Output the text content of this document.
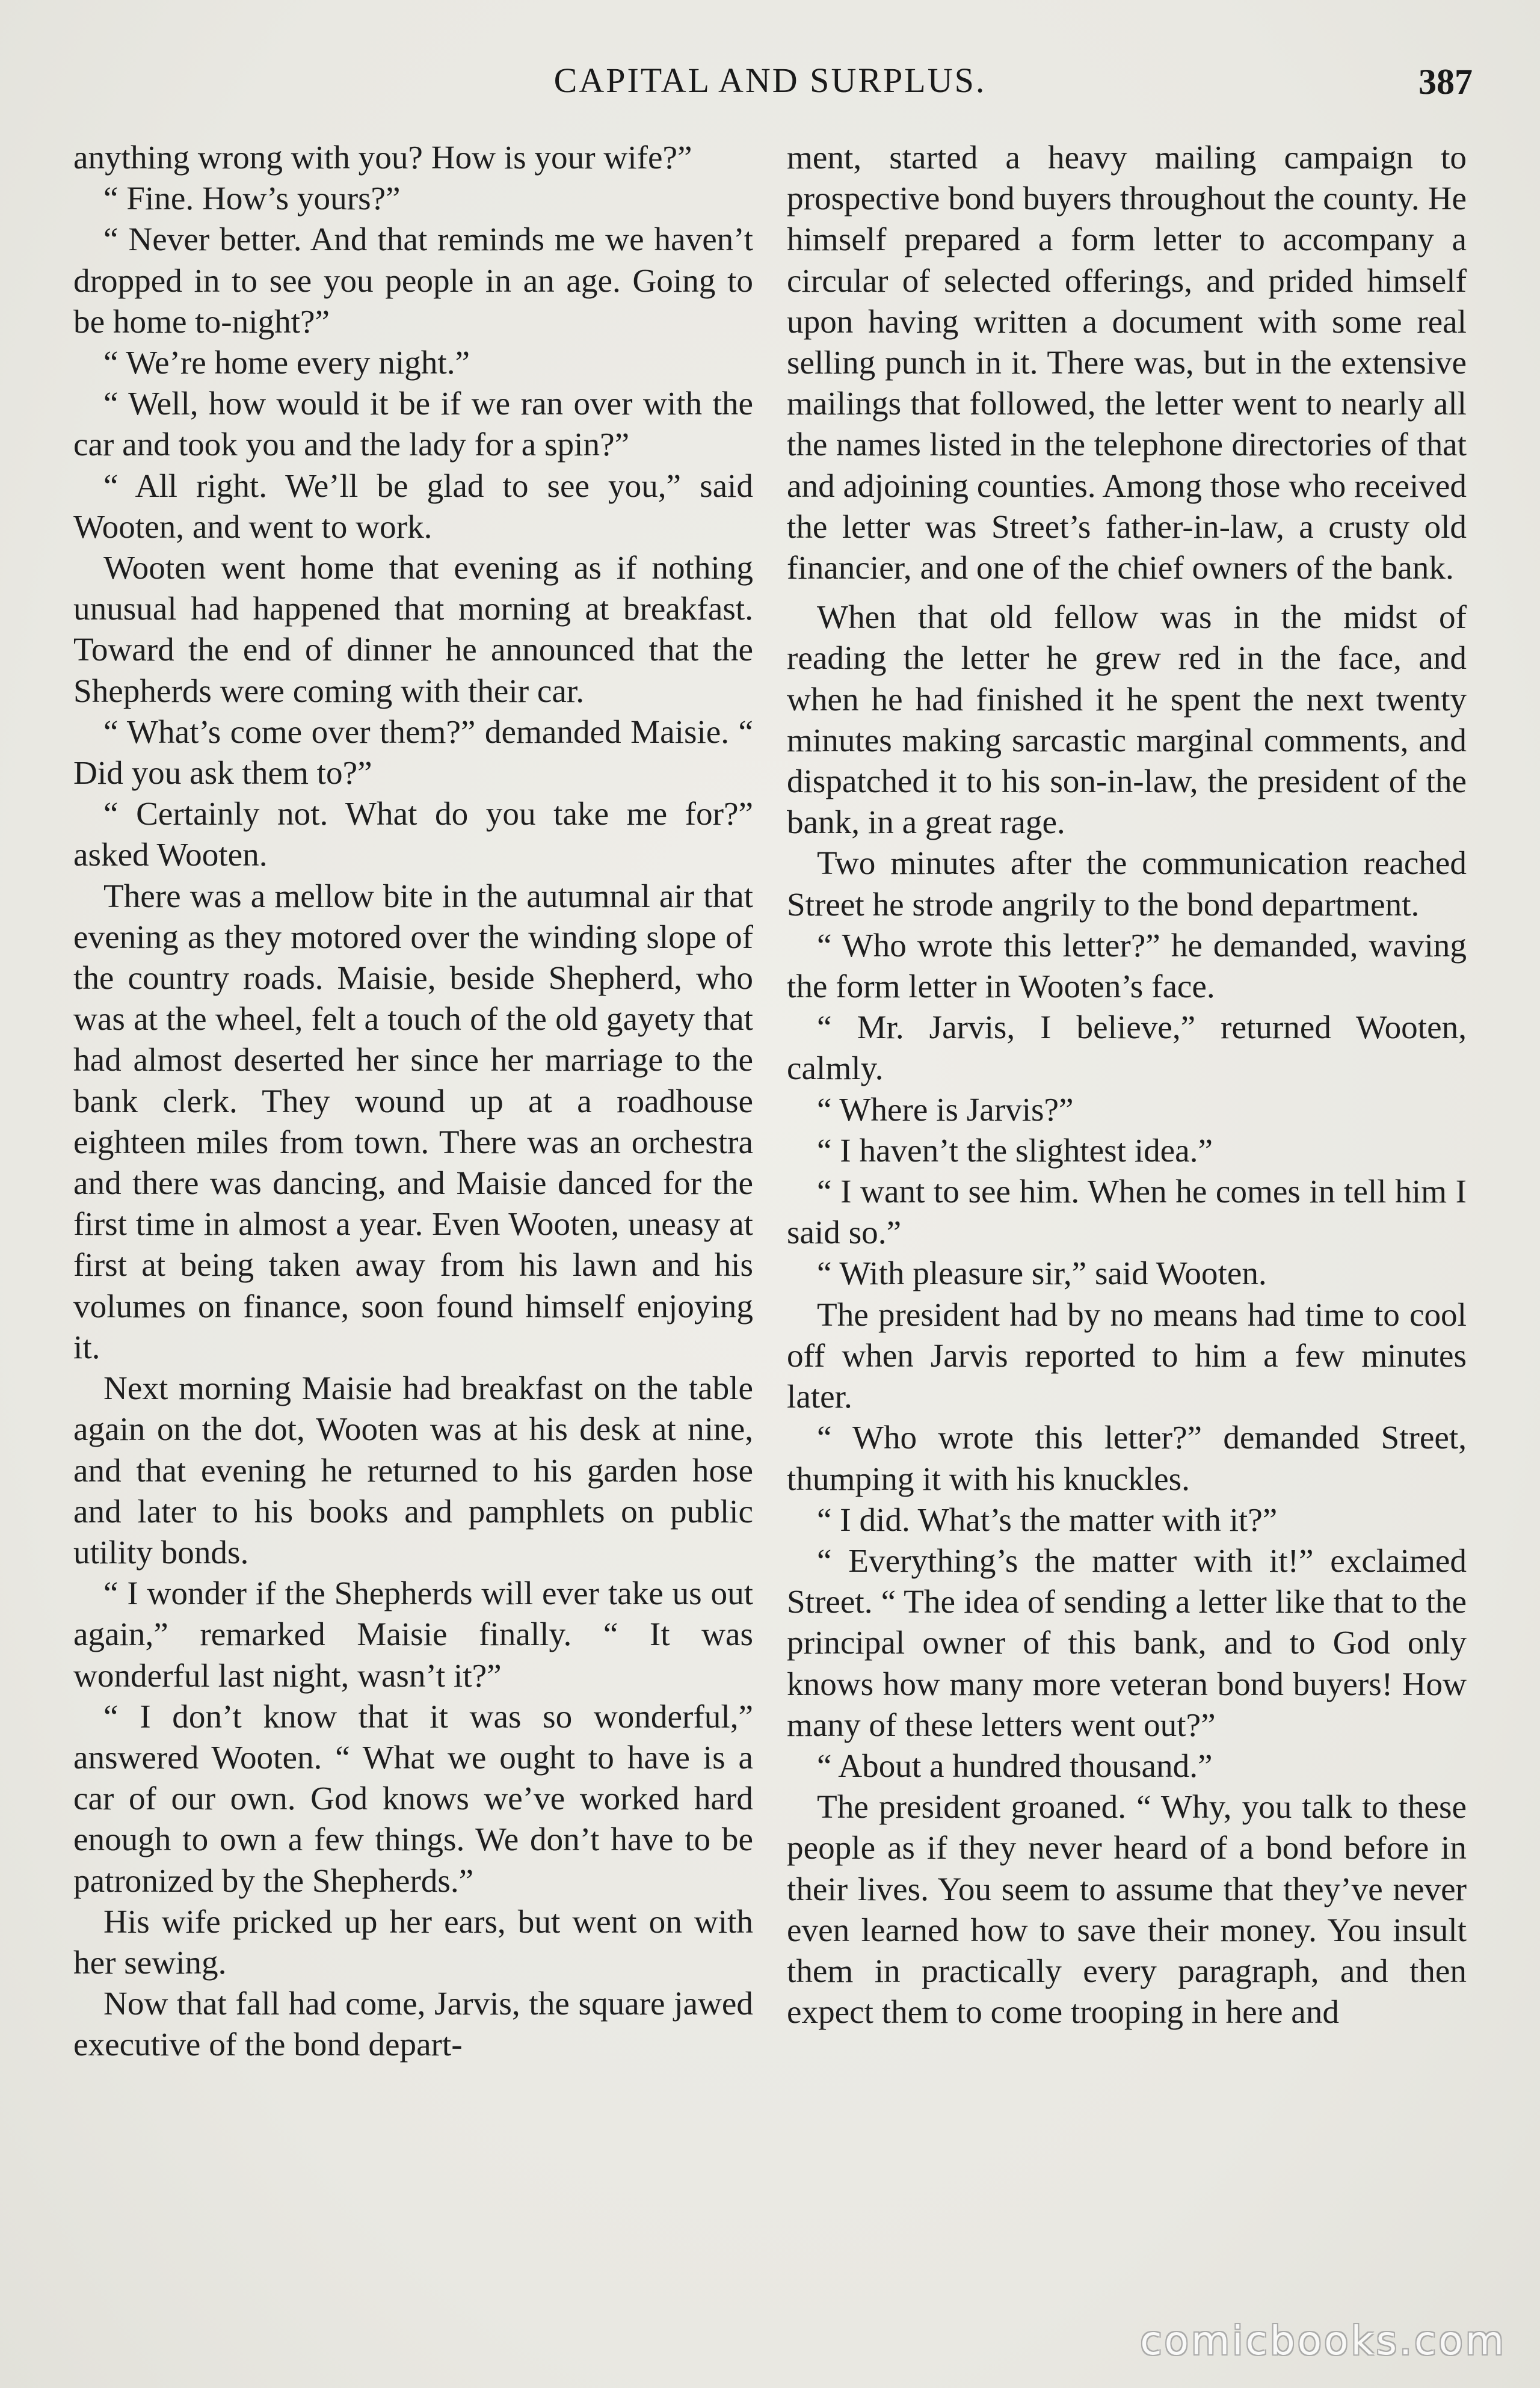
CAPITAL AND SURPLUS.	387

anything wrong with you? How is your wife?”

“ Fine. How’s yours?”

“ Never better. And that reminds me we haven’t dropped in to see you people in an age. Going to be home to-night?”

“ We’re home every night.”

“ Well, how would it be if we ran over with the car and took you and the lady for a spin?”

“ All right. We’ll be glad to see you,” said Wooten, and went to work.

Wooten went home that evening as if nothing unusual had happened that morning at breakfast. Toward the end of dinner he announced that the Shepherds were coming with their car.

“ What’s come over them?” demanded Maisie. “ Did you ask them to?”

“ Certainly not. What do you take me for?” asked Wooten.

There was a mellow bite in the autumnal air that evening as they motored over the winding slope of the country roads. Maisie, beside Shepherd, who was at the wheel, felt a touch of the old gayety that had almost deserted her since her marriage to the bank clerk. They wound up at a roadhouse eighteen miles from town. There was an orchestra and there was dancing, and Maisie danced for the first time in almost a year. Even Wooten, uneasy at first at being taken away from his lawn and his volumes on finance, soon found himself enjoying it.

Next morning Maisie had breakfast on the table again on the dot, Wooten was at his desk at nine, and that evening he returned to his garden hose and later to his books and pamphlets on public utility bonds.

“ I wonder if the Shepherds will ever take us out again,” remarked Maisie finally. “ It was wonderful last night, wasn’t it?”

“ I don’t know that it was so wonderful,” answered Wooten. “ What we ought to have is a car of our own. God knows we’ve worked hard enough to own a few things. We don’t have to be patronized by the Shepherds.”

His wife pricked up her ears, but went on with her sewing.

Now that fall had come, Jarvis, the square jawed executive of the bond depart-

ment, started a heavy mailing campaign to prospective bond buyers throughout the county. He himself prepared a form letter to accompany a circular of selected offerings, and prided himself upon having written a document with some real selling punch in it. There was, but in the extensive mailings that followed, the letter went to nearly all the names listed in the telephone directories of that and adjoining counties. Among those who received the letter was Street’s father-in-law, a crusty old financier, and one of the chief owners of the bank.

When that old fellow was in the midst of reading the letter he grew red in the face, and when he had finished it he spent the next twenty minutes making sarcastic marginal comments, and dispatched it to his son-in-law, the president of the bank, in a great rage.

Two minutes after the communication reached Street he strode angrily to the bond department.

“ Who wrote this letter?” he demanded, waving the form letter in Wooten’s face.

“ Mr. Jarvis, I believe,” returned Wooten, calmly.

“ Where is Jarvis?”

“ I haven’t the slightest idea.”

“ I want to see him. When he comes in tell him I said so.”

“ With pleasure sir,” said Wooten.

The president had by no means had time to cool off when Jarvis reported to him a few minutes later.

“ Who wrote this letter?” demanded Street, thumping it with his knuckles.

“ I did. What’s the matter with it?”

“ Everything’s the matter with it!” exclaimed Street. “ The idea of sending a letter like that to the principal owner of this bank, and to God only knows how many more veteran bond buyers! How many of these letters went out?”

“ About a hundred thousand.”

The president groaned. “ Why, you talk to these people as if they never heard of a bond before in their lives. You seem to assume that they’ve never even learned how to save their money. You insult them in practically every paragraph, and then expect them to come trooping in here and

comicbooks.com
